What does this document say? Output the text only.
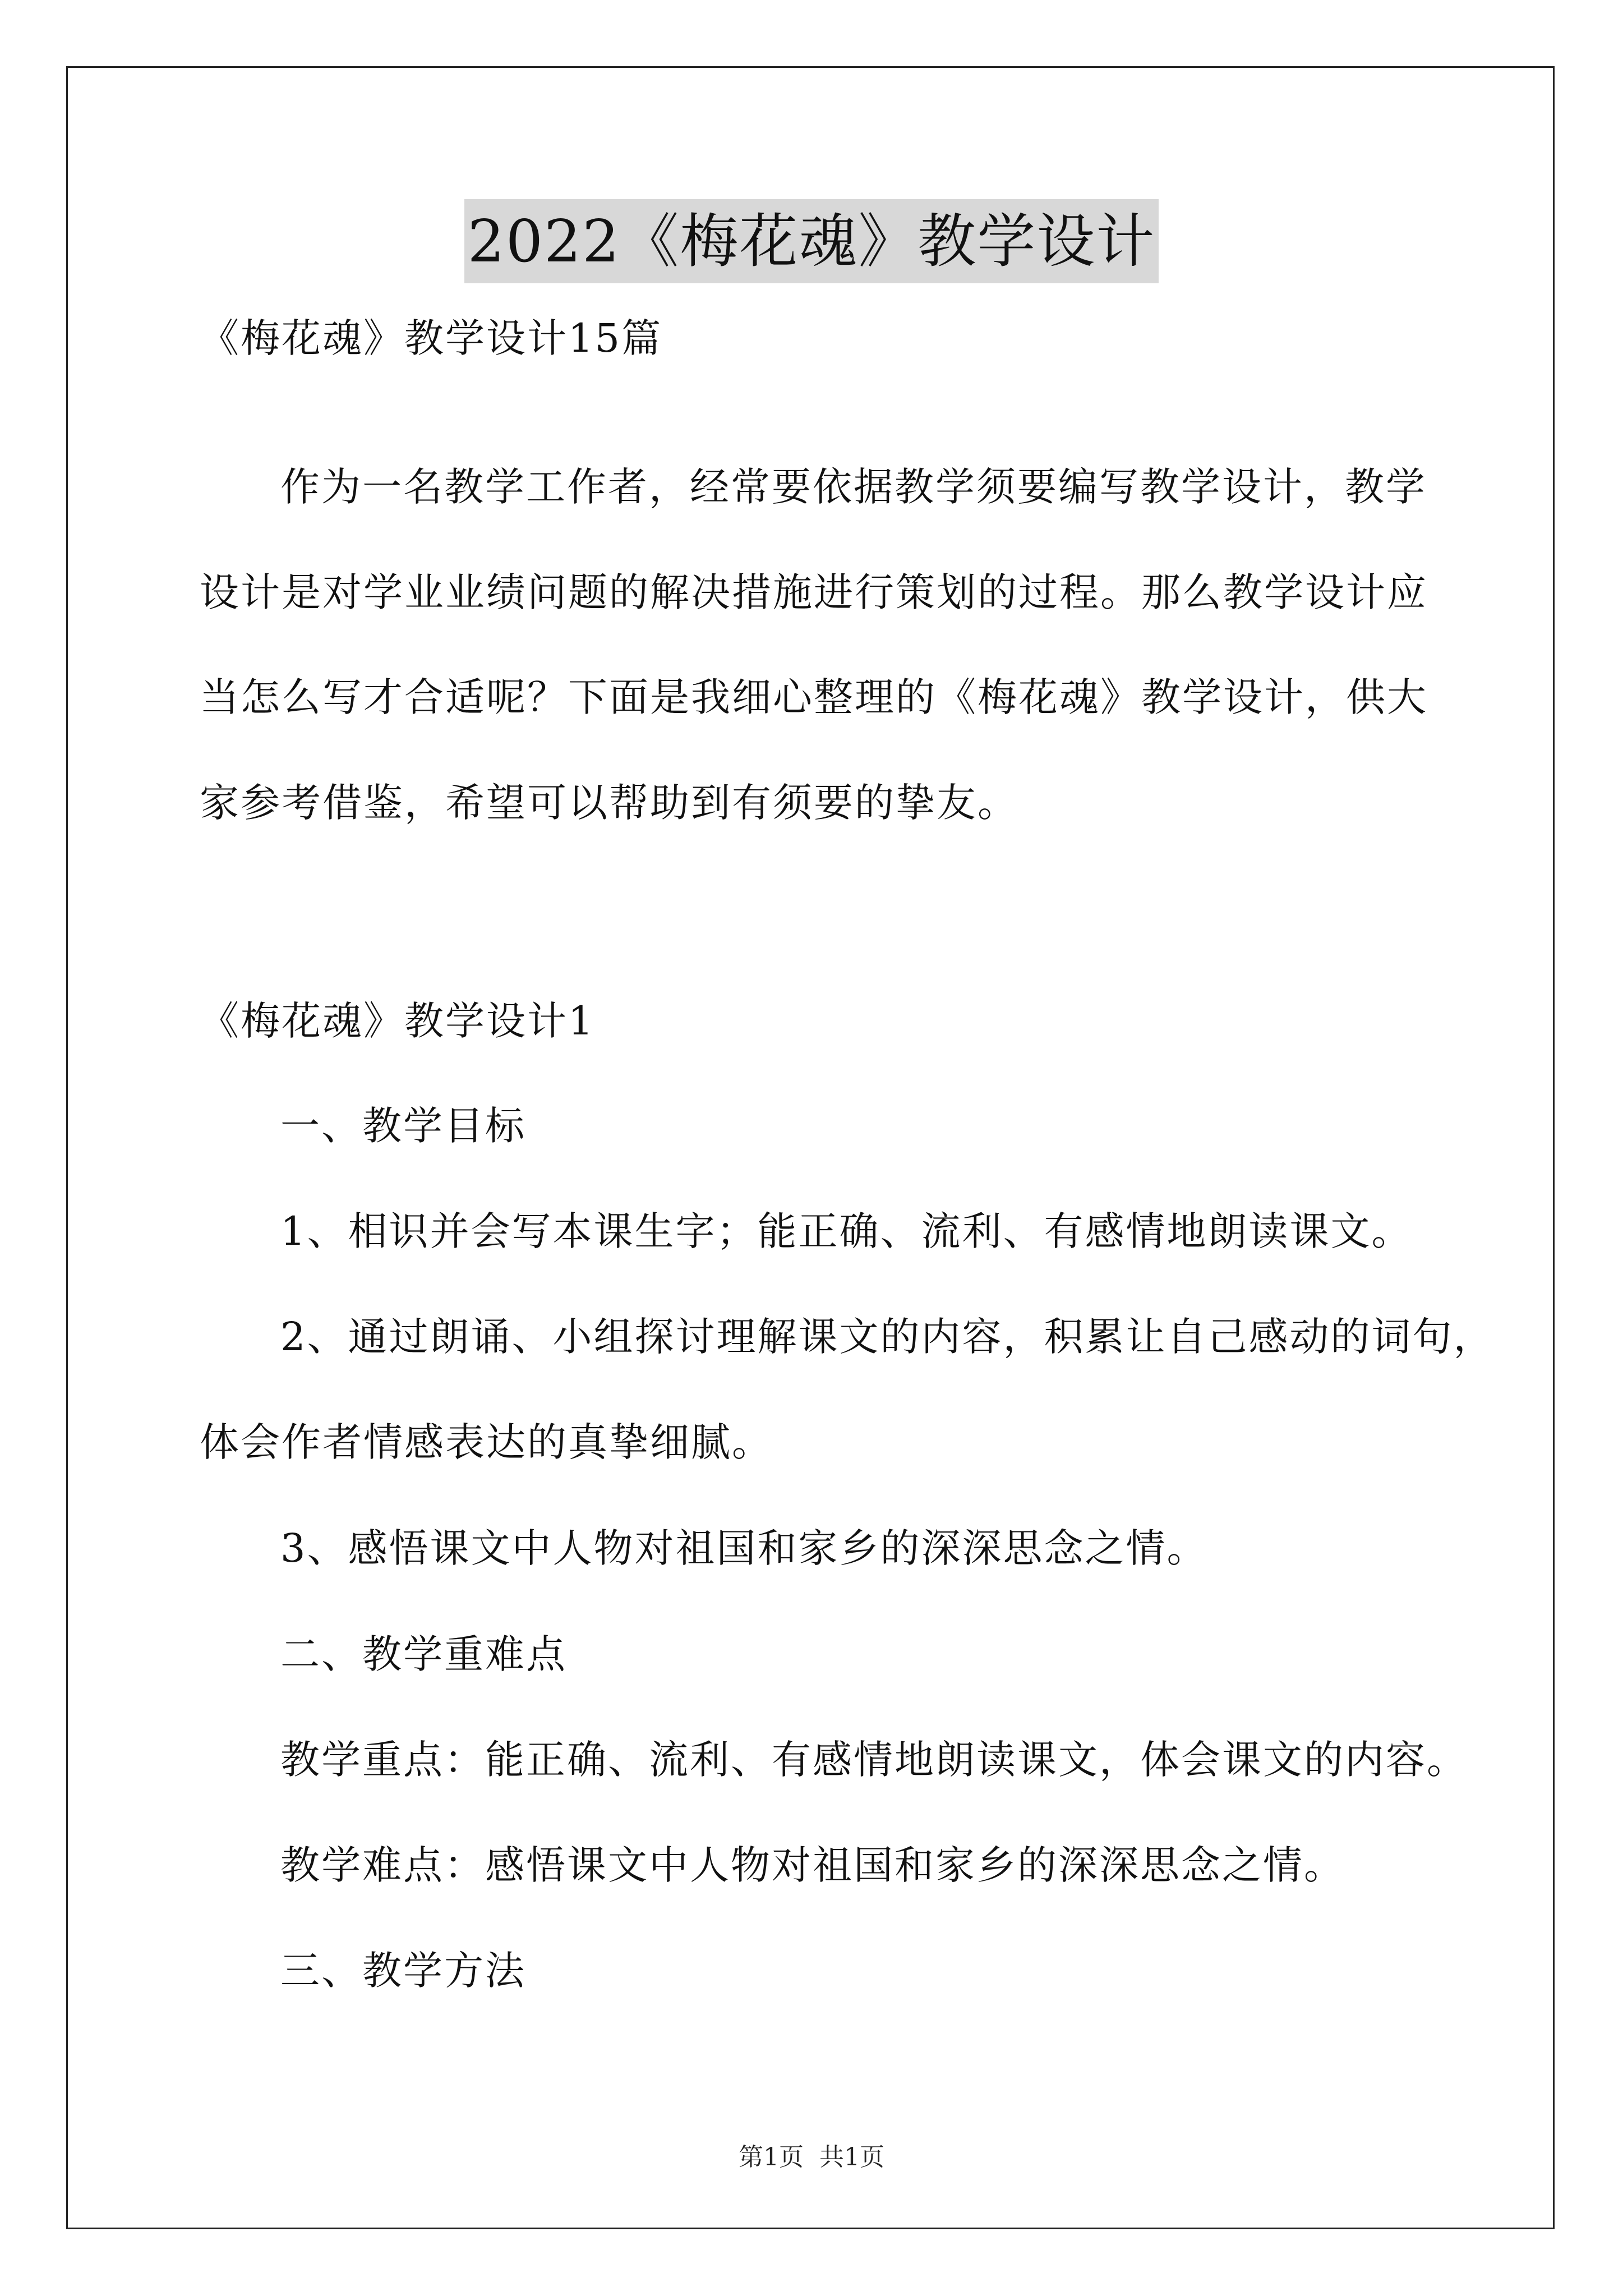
2022《梅花魂》教学设计
《梅花魂》教学设计15篇
作为一名教学工作者，经常要依据教学须要编写教学设计，教学
设计是对学业业绩问题的解决措施进行策划的过程。那么教学设计应
当怎么写才合适呢？下面是我细心整理的《梅花魂》教学设计，供大
家参考借鉴，希望可以帮助到有须要的挚友。
《梅花魂》教学设计1
一、教学目标
1、相识并会写本课生字；能正确、流利、有感情地朗读课文。
2、通过朗诵、小组探讨理解课文的内容，积累让自己感动的词句，
体会作者情感表达的真挚细腻。
3、感悟课文中人物对祖国和家乡的深深思念之情。
二、教学重难点
教学重点：能正确、流利、有感情地朗读课文，体会课文的内容。
教学难点：感悟课文中人物对祖国和家乡的深深思念之情。
三、教学方法
第1页 共1页
